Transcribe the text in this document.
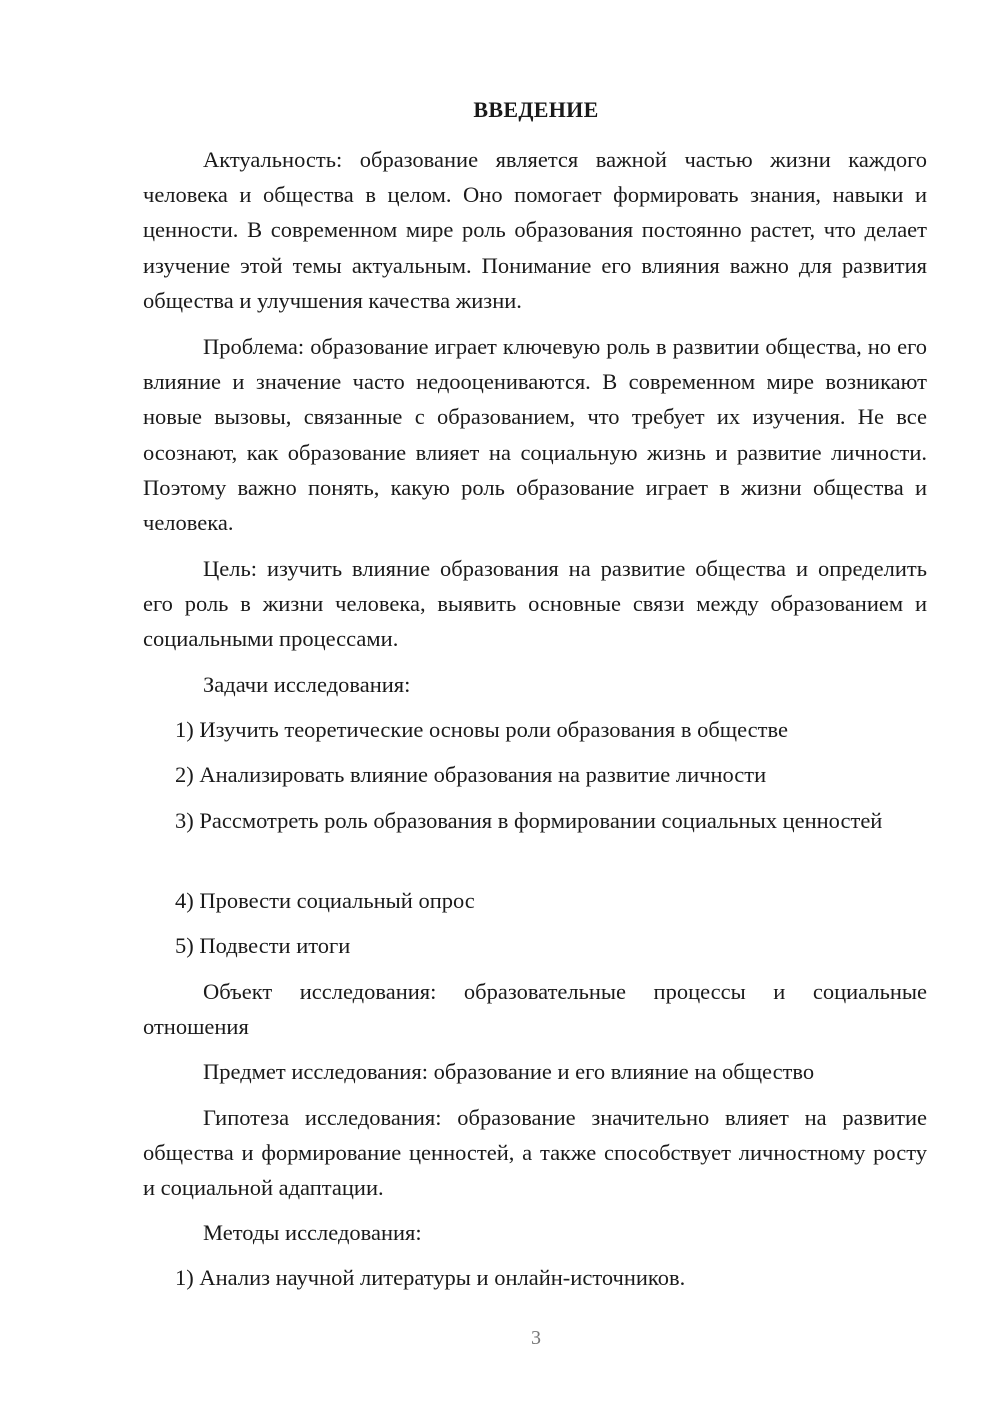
ВВЕДЕНИЕ

Актуальность: образование является важной частью жизни каждого человека и общества в целом. Оно помогает формировать знания, навыки и ценности. В современном мире роль образования постоянно растет, что делает изучение этой темы актуальным. Понимание его влияния важно для развития общества и улучшения качества жизни.

Проблема: образование играет ключевую роль в развитии общества, но его влияние и значение часто недооцениваются. В современном мире возникают новые вызовы, связанные с образованием, что требует их изучения. Не все осознают, как образование влияет на социальную жизнь и развитие личности. Поэтому важно понять, какую роль образование играет в жизни общества и человека.

Цель: изучить влияние образования на развитие общества и определить его роль в жизни человека, выявить основные связи между образованием и социальными процессами.

Задачи исследования:

1) Изучить теоретические основы роли образования в обществе

2) Анализировать влияние образования на развитие личности

3) Рассмотреть роль образования в формировании социальных ценностей

4) Провести социальный опрос

5) Подвести итоги

Объект исследования: образовательные процессы и социальные отношения

Предмет исследования: образование и его влияние на общество

Гипотеза исследования: образование значительно влияет на развитие общества и формирование ценностей, а также способствует личностному росту и социальной адаптации.

Методы исследования:

1) Анализ научной литературы и онлайн-источников.

3
